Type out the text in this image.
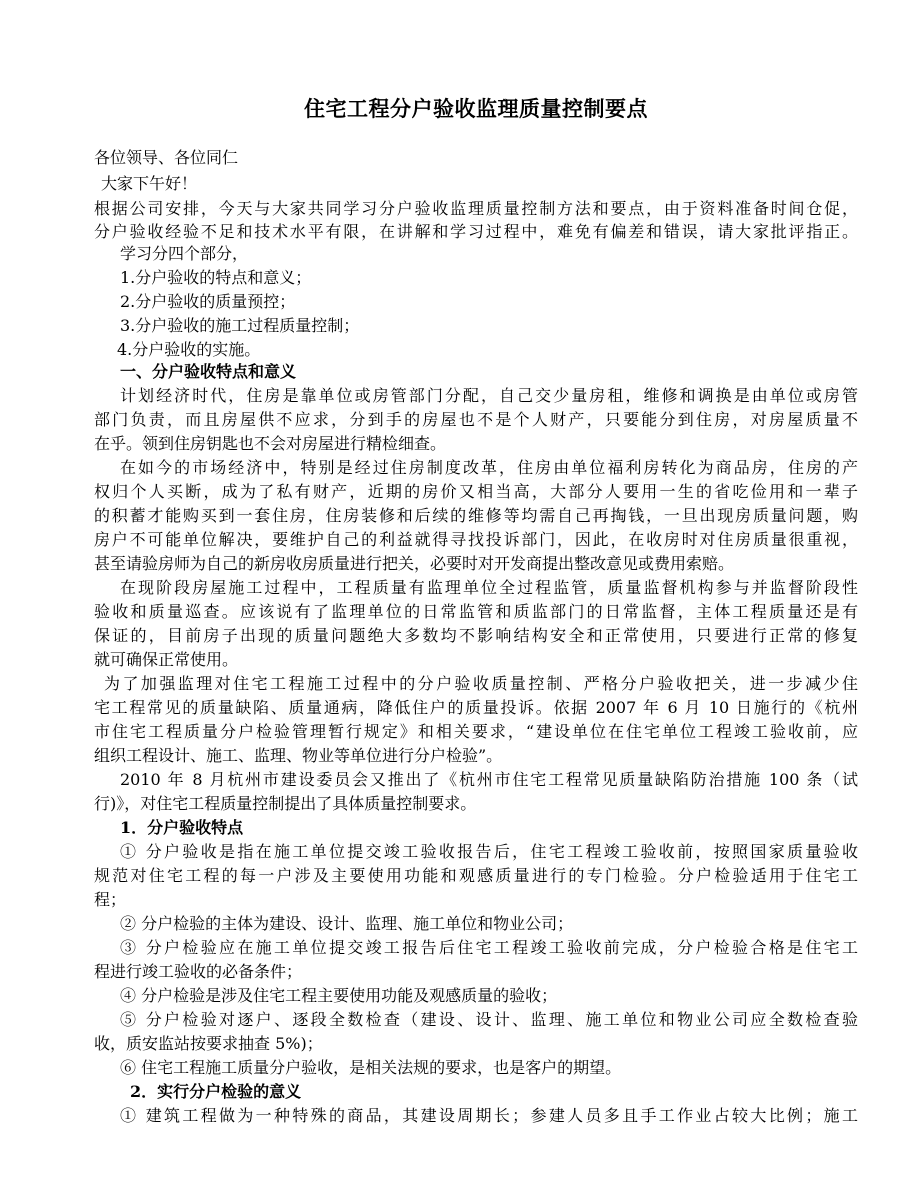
住宅工程分户验收监理质量控制要点

各位领导、各位同仁

大家下午好！

根据公司安排，今天与大家共同学习分户验收监理质量控制方法和要点，由于资料准备时间仓促，

分户验收经验不足和技术水平有限，在讲解和学习过程中，难免有偏差和错误，请大家批评指正。

学习分四个部分，

1.分户验收的特点和意义；

2.分户验收的质量预控；

3.分户验收的施工过程质量控制；

4.分户验收的实施。

一、分户验收特点和意义

计划经济时代，住房是靠单位或房管部门分配，自己交少量房租，维修和调换是由单位或房管

部门负责，而且房屋供不应求，分到手的房屋也不是个人财产，只要能分到住房，对房屋质量不

在乎。领到住房钥匙也不会对房屋进行精检细查。

在如今的市场经济中，特别是经过住房制度改革，住房由单位福利房转化为商品房，住房的产

权归个人买断，成为了私有财产，近期的房价又相当高，大部分人要用一生的省吃俭用和一辈子

的积蓄才能购买到一套住房，住房装修和后续的维修等均需自己再掏钱，一旦出现房质量问题，购

房户不可能单位解决，要维护自己的利益就得寻找投诉部门，因此，在收房时对住房质量很重视，

甚至请验房师为自己的新房收房质量进行把关，必要时对开发商提出整改意见或费用索赔。

在现阶段房屋施工过程中，工程质量有监理单位全过程监管，质量监督机构参与并监督阶段性

验收和质量巡查。应该说有了监理单位的日常监管和质监部门的日常监督，主体工程质量还是有

保证的，目前房子出现的质量问题绝大多数均不影响结构安全和正常使用，只要进行正常的修复

就可确保正常使用。

为了加强监理对住宅工程施工过程中的分户验收质量控制、严格分户验收把关，进一步减少住

宅工程常见的质量缺陷、质量通病，降低住户的质量投诉。依据 2007 年 6 月 10 日施行的《杭州

市住宅工程质量分户检验管理暂行规定》和相关要求，“建设单位在住宅单位工程竣工验收前，应

组织工程设计、施工、监理、物业等单位进行分户检验”。

2010 年 8 月杭州市建设委员会又推出了《杭州市住宅工程常见质量缺陷防治措施 100 条（试

行)》，对住宅工程质量控制提出了具体质量控制要求。

1．分户验收特点

① 分户验收是指在施工单位提交竣工验收报告后，住宅工程竣工验收前，按照国家质量验收

规范对住宅工程的每一户涉及主要使用功能和观感质量进行的专门检验。分户检验适用于住宅工

程；

② 分户检验的主体为建设、设计、监理、施工单位和物业公司；

③ 分户检验应在施工单位提交竣工报告后住宅工程竣工验收前完成，分户检验合格是住宅工

程进行竣工验收的必备条件；

④ 分户检验是涉及住宅工程主要使用功能及观感质量的验收；

⑤ 分户检验对逐户、逐段全数检查（建设、设计、监理、施工单位和物业公司应全数检查验

收，质安监站按要求抽查 5%)；

⑥ 住宅工程施工质量分户验收，是相关法规的要求，也是客户的期望。

2．实行分户检验的意义

① 建筑工程做为一种特殊的商品，其建设周期长；参建人员多且手工作业占较大比例；施工
